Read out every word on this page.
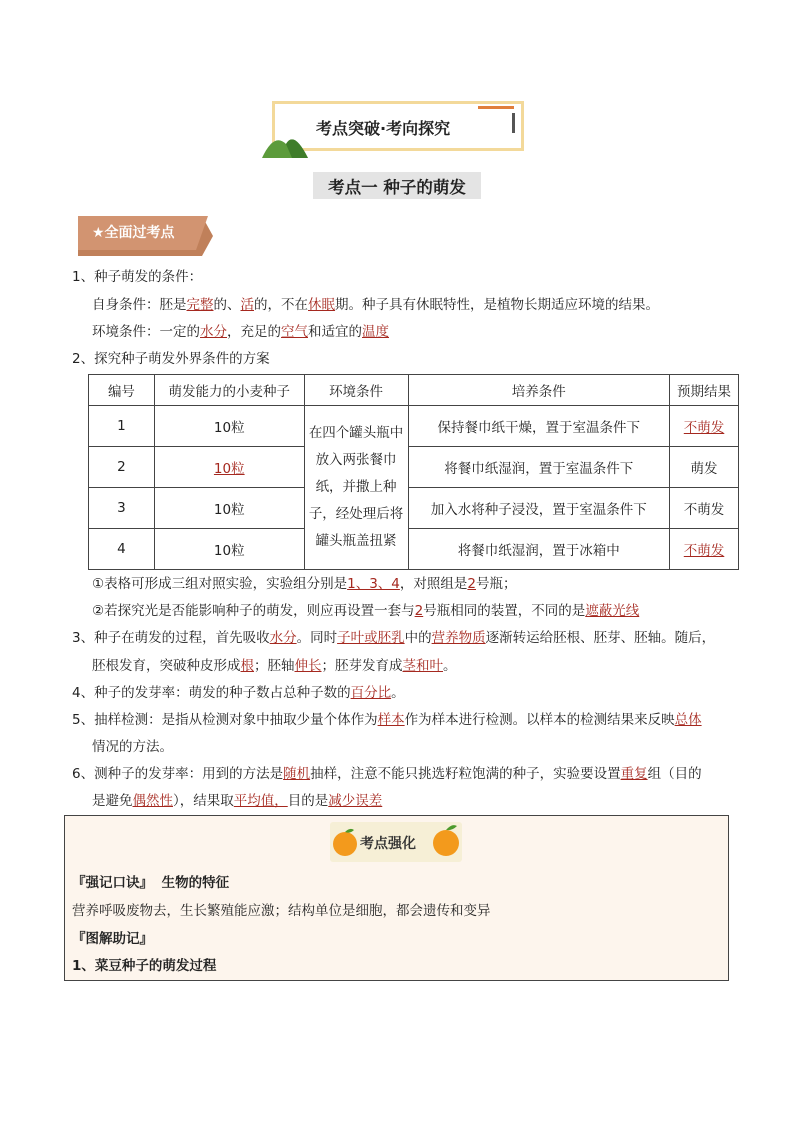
考点突破·考向探究
考点一 种子的萌发
★全面过考点
1、种子萌发的条件：
自身条件：胚是完整的、活的，不在休眠期。种子具有休眠特性，是植物长期适应环境的结果。
环境条件：一定的水分，充足的空气和适宜的温度
2、探究种子萌发外界条件的方案
编号	萌发能力的小麦种子	环境条件	培养条件	预期结果
1	10粒	在四个罐头瓶中放入两张餐巾纸，并撒上种子，经处理后将罐头瓶盖扭紧	保持餐巾纸干燥，置于室温条件下	不萌发
2	10粒		将餐巾纸湿润，置于室温条件下	萌发
3	10粒		加入水将种子浸没，置于室温条件下	不萌发
4	10粒		将餐巾纸湿润，置于冰箱中	不萌发
①表格可形成三组对照实验，实验组分别是1、3、4，对照组是2号瓶；
②若探究光是否能影响种子的萌发，则应再设置一套与2号瓶相同的装置，不同的是遮蔽光线
3、种子在萌发的过程，首先吸收水分。同时子叶或胚乳中的营养物质逐渐转运给胚根、胚芽、胚轴。随后，
胚根发育，突破种皮形成根；胚轴伸长；胚芽发育成茎和叶。
4、种子的发芽率：萌发的种子数占总种子数的百分比。
5、抽样检测：是指从检测对象中抽取少量个体作为样本作为样本进行检测。以样本的检测结果来反映总体
情况的方法。
6、测种子的发芽率：用到的方法是随机抽样，注意不能只挑选籽粒饱满的种子，实验要设置重复组（目的
是避免偶然性），结果取平均值，目的是减少误差
考点强化
『强记口诀』 生物的特征
营养呼吸废物去，生长繁殖能应激；结构单位是细胞，都会遗传和变异
『图解助记』
1、菜豆种子的萌发过程
